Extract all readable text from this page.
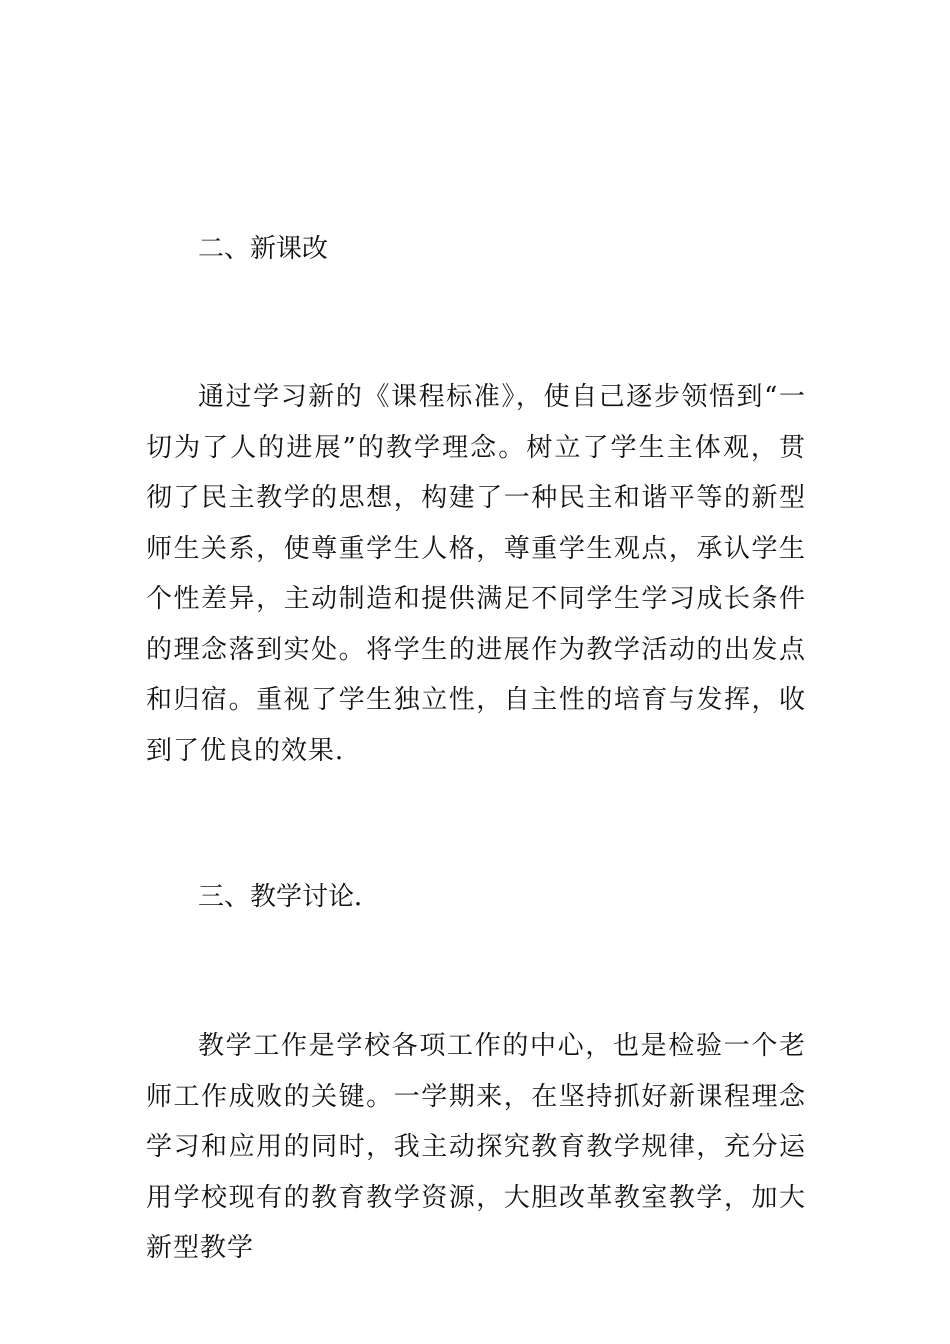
二、新课改
通过学习新的《课程标准》，使自己逐步领悟到“一切为了人的进展”的教学理念。树立了学生主体观，贯彻了民主教学的思想，构建了一种民主和谐平等的新型师生关系，使尊重学生人格，尊重学生观点，承认学生个性差异，主动制造和提供满足不同学生学习成长条件的理念落到实处。将学生的进展作为教学活动的出发点和归宿。重视了学生独立性，自主性的培育与发挥，收到了优良的效果．
三、教学讨论．
教学工作是学校各项工作的中心，也是检验一个老师工作成败的关键。一学期来，在坚持抓好新课程理念学习和应用的同时，我主动探究教育教学规律，充分运用学校现有的教育教学资源，大胆改革教室教学，加大新型教学
